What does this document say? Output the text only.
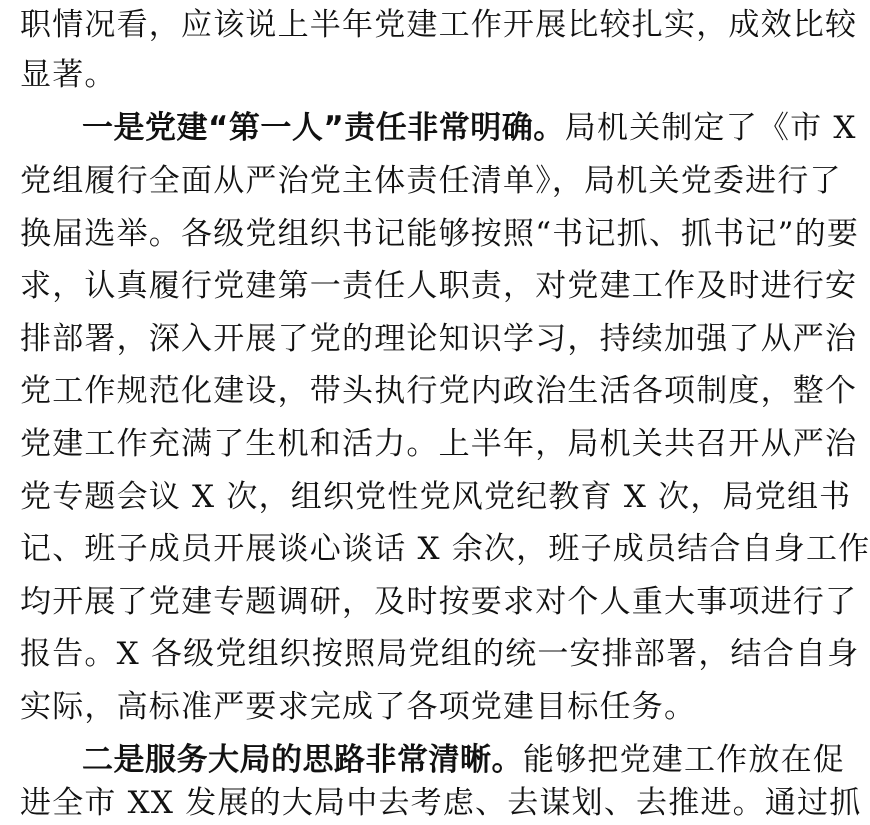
职情况看，应该说上半年党建工作开展比较扎实，成效比较
显著。
一是党建“第一人”责任非常明确。局机关制定了《市 X
党组履行全面从严治党主体责任清单》，局机关党委进行了
换届选举。各级党组织书记能够按照“书记抓、抓书记”的要
求，认真履行党建第一责任人职责，对党建工作及时进行安
排部署，深入开展了党的理论知识学习，持续加强了从严治
党工作规范化建设，带头执行党内政治生活各项制度，整个
党建工作充满了生机和活力。上半年，局机关共召开从严治
党专题会议 X 次，组织党性党风党纪教育 X 次，局党组书
记、班子成员开展谈心谈话 X 余次，班子成员结合自身工作
均开展了党建专题调研，及时按要求对个人重大事项进行了
报告。X 各级党组织按照局党组的统一安排部署，结合自身
实际，高标准严要求完成了各项党建目标任务。
二是服务大局的思路非常清晰。能够把党建工作放在促
进全市 XX 发展的大局中去考虑、去谋划、去推进。通过抓
